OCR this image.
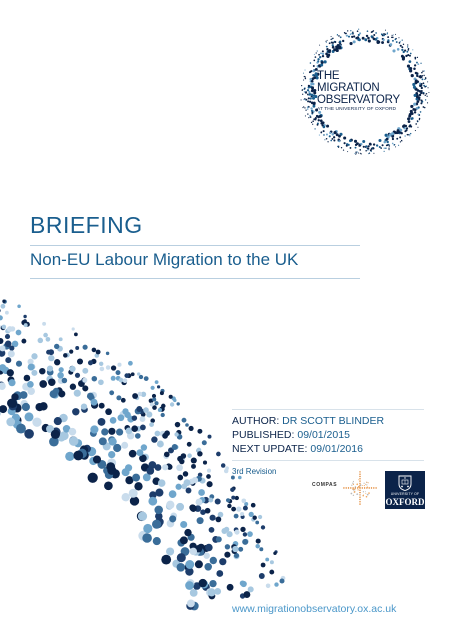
THE
MIGRATION
OBSERVATORY
AT THE UNIVERSITY OF OXFORD
BRIEFING
Non-EU Labour Migration to the UK
AUTHOR: DR SCOTT BLINDER
PUBLISHED: 09/01/2015
NEXT UPDATE: 09/01/2016
3rd Revision
COMPAS
UNIVERSITY OF
OXFORD
www.migrationobservatory.ox.ac.uk
